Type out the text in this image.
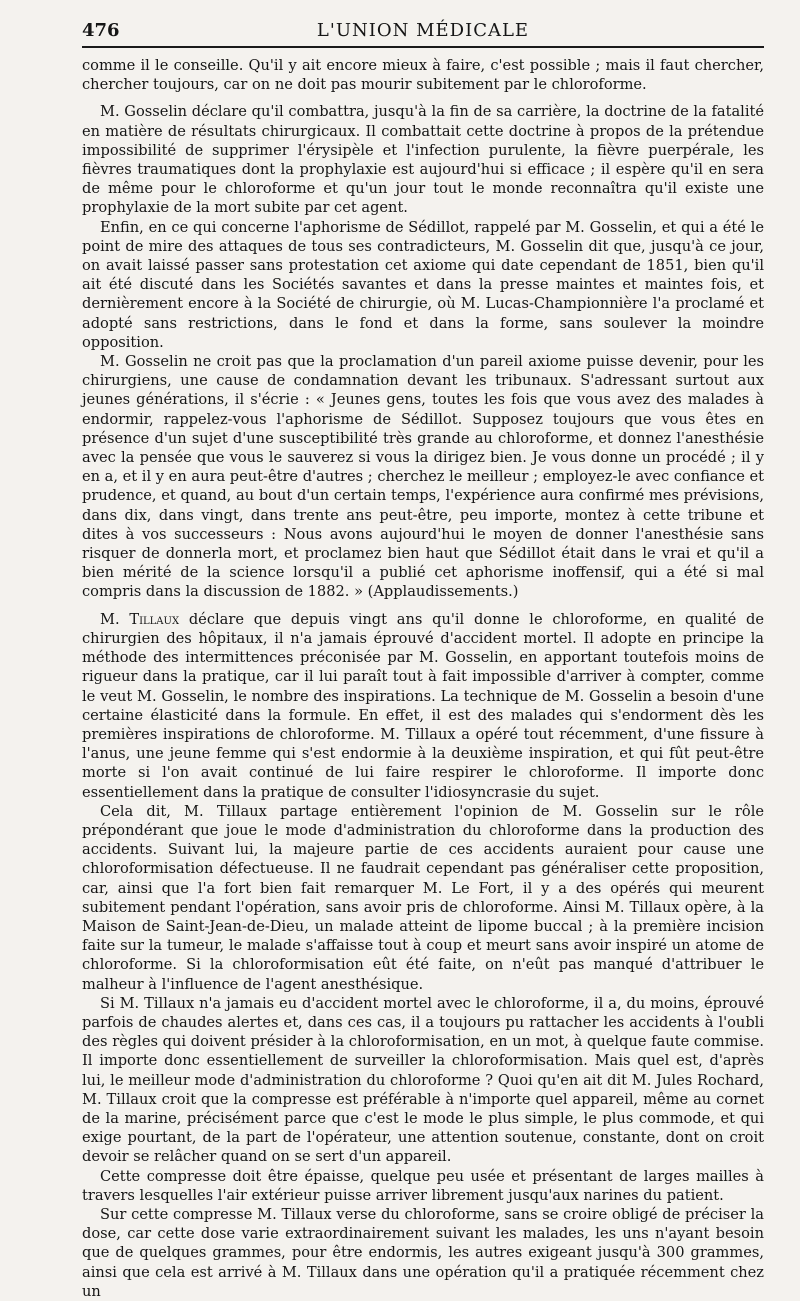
476	L'UNION MÉDICALE

comme il le conseille. Qu'il y ait encore mieux à faire, c'est possible ; mais il faut chercher, chercher toujours, car on ne doit pas mourir subitement par le chloroforme.

M. Gosselin déclare qu'il combattra, jusqu'à la fin de sa carrière, la doctrine de la fatalité en matière de résultats chirurgicaux. Il combattait cette doctrine à propos de la prétendue impossibilité de supprimer l'érysipèle et l'infection purulente, la fièvre puerpérale, les fièvres traumatiques dont la prophylaxie est aujourd'hui si efficace ; il espère qu'il en sera de même pour le chloroforme et qu'un jour tout le monde reconnaîtra qu'il existe une prophylaxie de la mort subite par cet agent.

Enfin, en ce qui concerne l'aphorisme de Sédillot, rappelé par M. Gosselin, et qui a été le point de mire des attaques de tous ses contradicteurs, M. Gosselin dit que, jusqu'à ce jour, on avait laissé passer sans protestation cet axiome qui date cependant de 1851, bien qu'il ait été discuté dans les Sociétés savantes et dans la presse maintes et maintes fois, et dernièrement encore à la Société de chirurgie, où M. Lucas-Championnière l'a proclamé et adopté sans restrictions, dans le fond et dans la forme, sans soulever la moindre opposition.

M. Gosselin ne croit pas que la proclamation d'un pareil axiome puisse devenir, pour les chirurgiens, une cause de condamnation devant les tribunaux. S'adressant surtout aux jeunes générations, il s'écrie : « Jeunes gens, toutes les fois que vous avez des malades à endormir, rappelez-vous l'aphorisme de Sédillot. Supposez toujours que vous êtes en présence d'un sujet d'une susceptibilité très grande au chloroforme, et donnez l'anesthésie avec la pensée que vous le sauverez si vous la dirigez bien. Je vous donne un procédé ; il y en a, et il y en aura peut-être d'autres ; cherchez le meilleur ; employez-le avec confiance et prudence, et quand, au bout d'un certain temps, l'expérience aura confirmé mes prévisions, dans dix, dans vingt, dans trente ans peut-être, peu importe, montez à cette tribune et dites à vos successeurs : Nous avons aujourd'hui le moyen de donner l'anesthésie sans risquer de donnerla mort, et proclamez bien haut que Sédillot était dans le vrai et qu'il a bien mérité de la science lorsqu'il a publié cet aphorisme inoffensif, qui a été si mal compris dans la discussion de 1882. » (Applaudissements.)

M. Tillaux déclare que depuis vingt ans qu'il donne le chloroforme, en qualité de chirurgien des hôpitaux, il n'a jamais éprouvé d'accident mortel. Il adopte en principe la méthode des intermittences préconisée par M. Gosselin, en apportant toutefois moins de rigueur dans la pratique, car il lui paraît tout à fait impossible d'arriver à compter, comme le veut M. Gosselin, le nombre des inspirations. La technique de M. Gosselin a besoin d'une certaine élasticité dans la formule. En effet, il est des malades qui s'endorment dès les premières inspirations de chloroforme. M. Tillaux a opéré tout récemment, d'une fissure à l'anus, une jeune femme qui s'est endormie à la deuxième inspiration, et qui fût peut-être morte si l'on avait continué de lui faire respirer le chloroforme. Il importe donc essentiellement dans la pratique de consulter l'idiosyncrasie du sujet.

Cela dit, M. Tillaux partage entièrement l'opinion de M. Gosselin sur le rôle prépondérant que joue le mode d'administration du chloroforme dans la production des accidents. Suivant lui, la majeure partie de ces accidents auraient pour cause une chloroformisation défectueuse. Il ne faudrait cependant pas généraliser cette proposition, car, ainsi que l'a fort bien fait remarquer M. Le Fort, il y a des opérés qui meurent subitement pendant l'opération, sans avoir pris de chloroforme. Ainsi M. Tillaux opère, à la Maison de Saint-Jean-de-Dieu, un malade atteint de lipome buccal ; à la première incision faite sur la tumeur, le malade s'affaisse tout à coup et meurt sans avoir inspiré un atome de chloroforme. Si la chloroformisation eût été faite, on n'eût pas manqué d'attribuer le malheur à l'influence de l'agent anesthésique.

Si M. Tillaux n'a jamais eu d'accident mortel avec le chloroforme, il a, du moins, éprouvé parfois de chaudes alertes et, dans ces cas, il a toujours pu rattacher les accidents à l'oubli des règles qui doivent présider à la chloroformisation, en un mot, à quelque faute commise. Il importe donc essentiellement de surveiller la chloroformisation. Mais quel est, d'après lui, le meilleur mode d'administration du chloroforme ? Quoi qu'en ait dit M. Jules Rochard, M. Tillaux croit que la compresse est préférable à n'importe quel appareil, même au cornet de la marine, précisément parce que c'est le mode le plus simple, le plus commode, et qui exige pourtant, de la part de l'opérateur, une attention soutenue, constante, dont on croit devoir se relâcher quand on se sert d'un appareil.

Cette compresse doit être épaisse, quelque peu usée et présentant de larges mailles à travers lesquelles l'air extérieur puisse arriver librement jusqu'aux narines du patient.

Sur cette compresse M. Tillaux verse du chloroforme, sans se croire obligé de préciser la dose, car cette dose varie extraordinairement suivant les malades, les uns n'ayant besoin que de quelques grammes, pour être endormis, les autres exigeant jusqu'à 300 grammes, ainsi que cela est arrivé à M. Tillaux dans une opération qu'il a pratiquée récemment chez un
